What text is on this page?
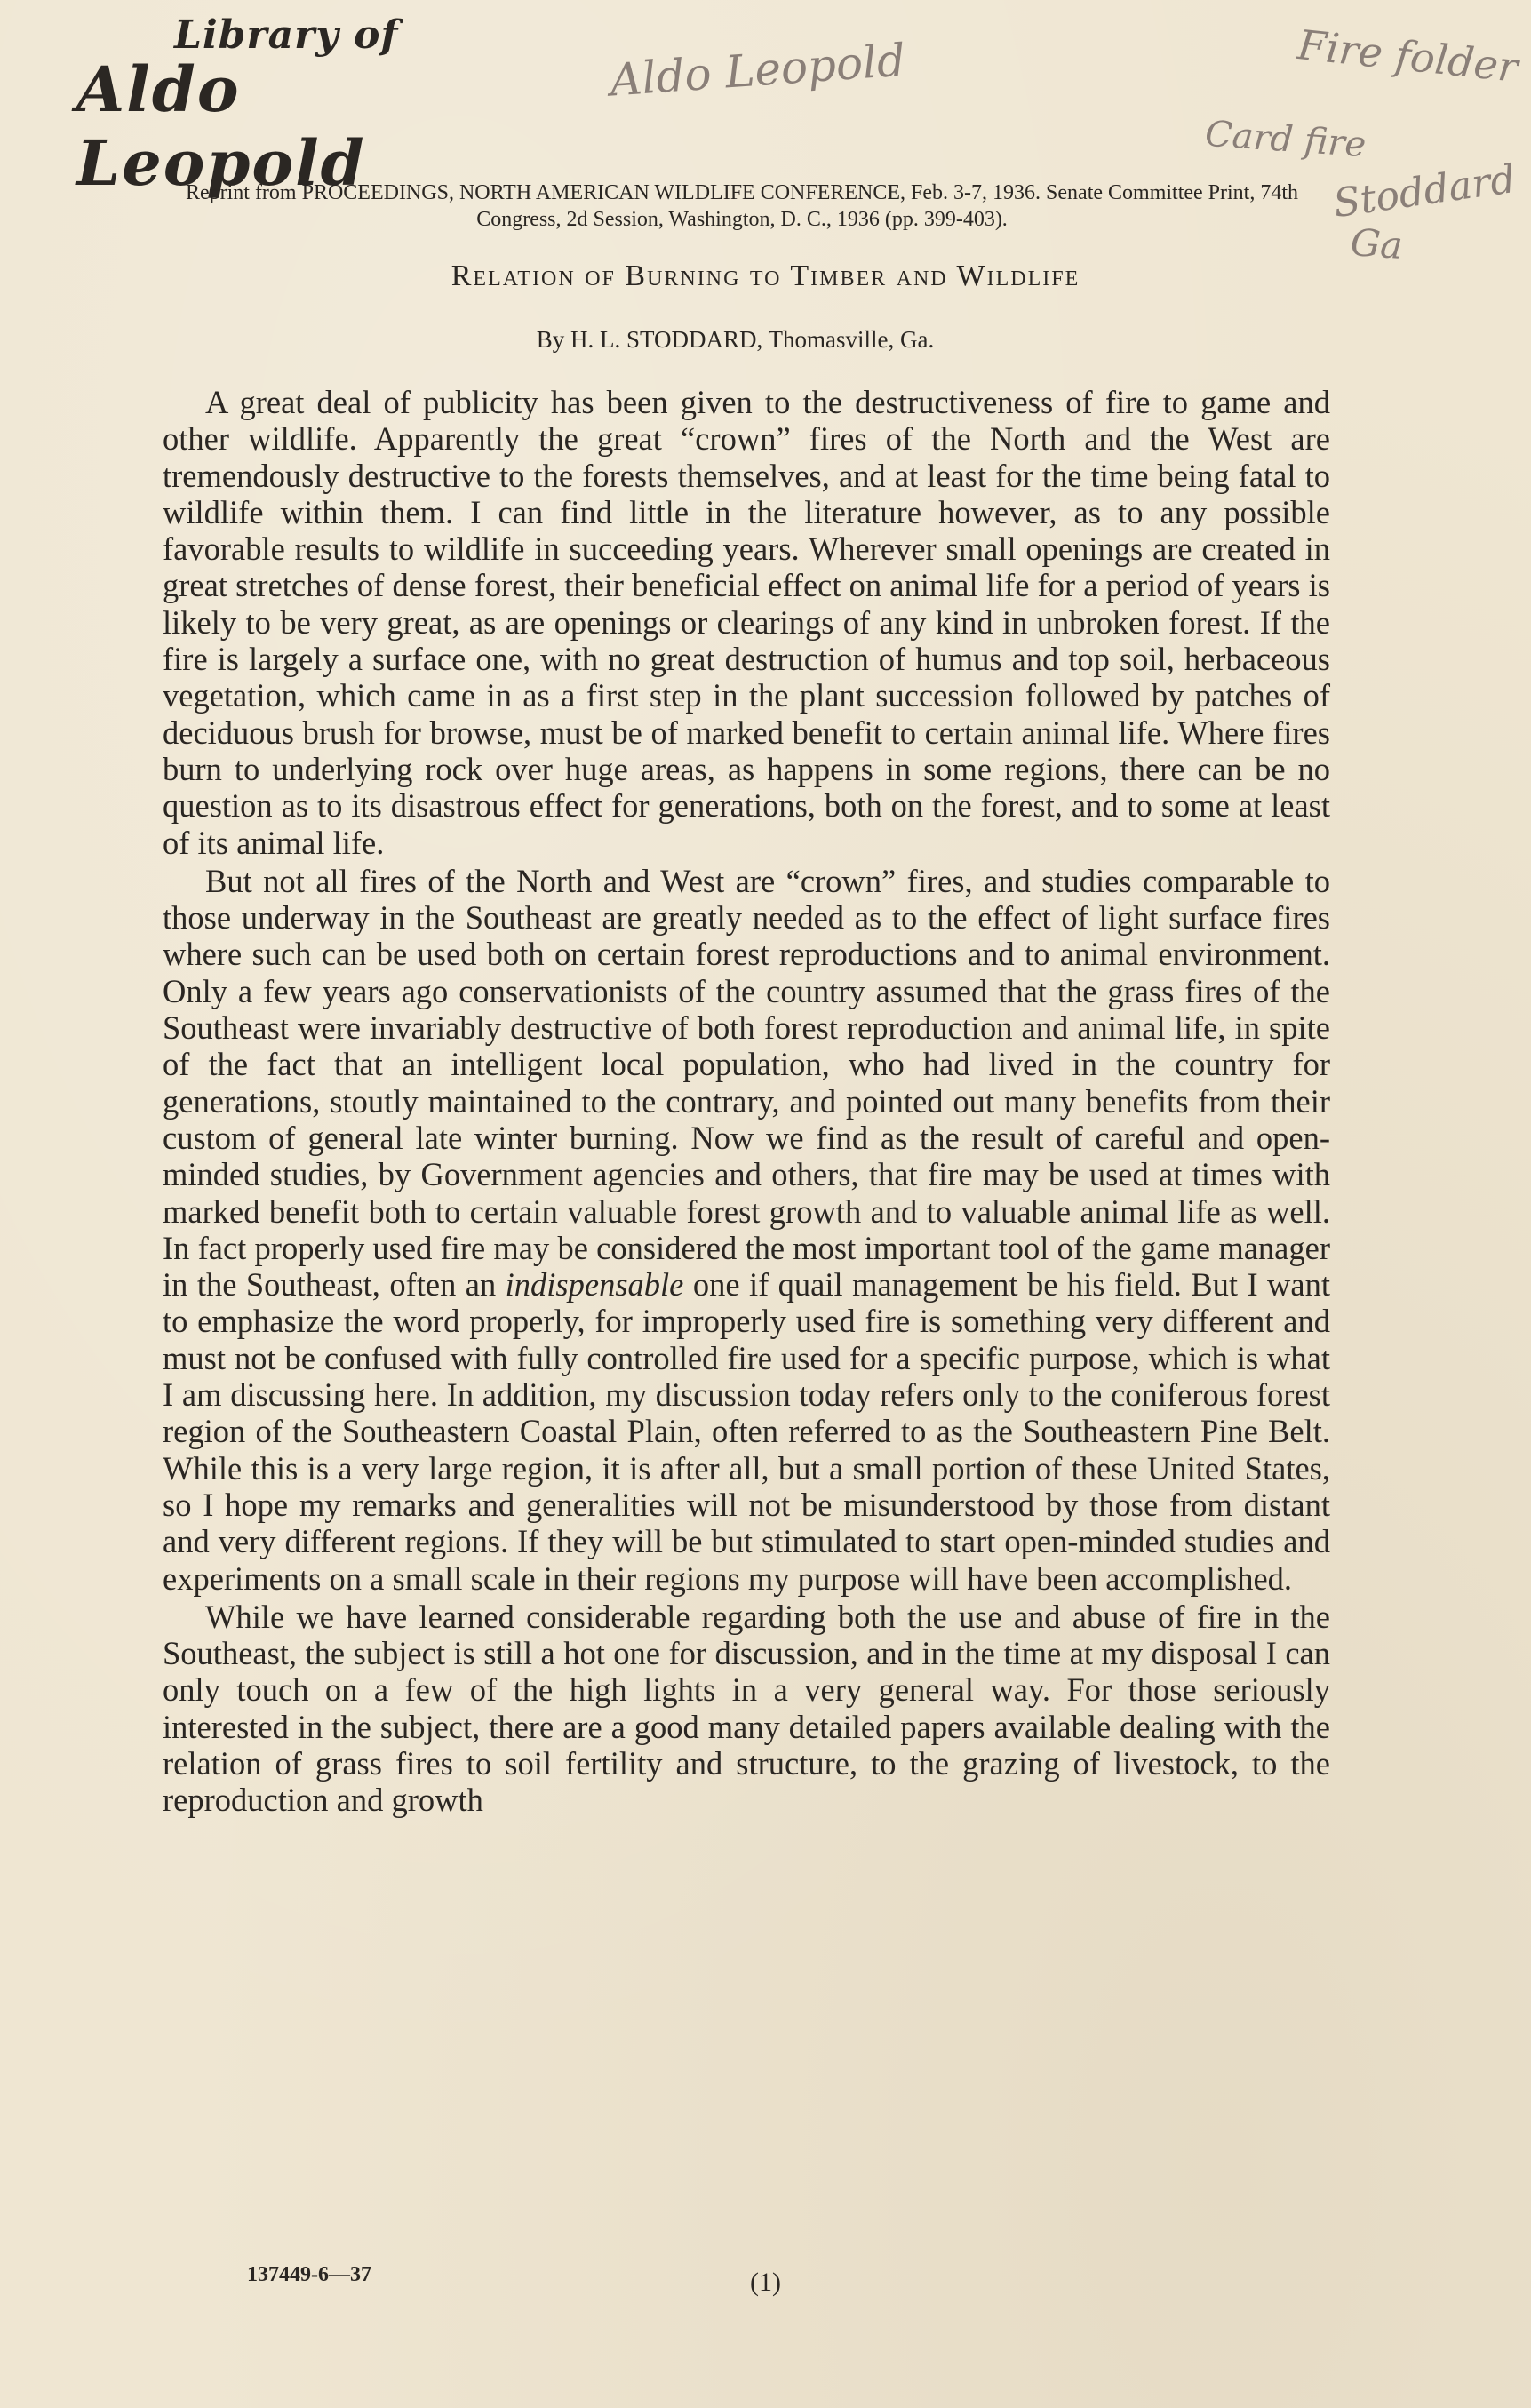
Library of
Aldo Leopold
Aldo Leopold	Fire folder
Card fire
Stoddard
Ga
Reprint from PROCEEDINGS, NORTH AMERICAN WILDLIFE CONFERENCE, Feb. 3-7, 1936. Senate Committee Print, 74th Congress, 2d Session, Washington, D. C., 1936 (pp. 399-403).
Relation of Burning to Timber and Wildlife
By H. L. STODDARD, Thomasville, Ga.

A great deal of publicity has been given to the destructiveness of fire to game and other wildlife. Apparently the great “crown” fires of the North and the West are tremendously destructive to the forests themselves, and at least for the time being fatal to wildlife within them. I can find little in the literature however, as to any possible favorable results to wildlife in succeeding years. Wherever small openings are created in great stretches of dense forest, their beneficial effect on animal life for a period of years is likely to be very great, as are openings or clearings of any kind in unbroken forest. If the fire is largely a surface one, with no great destruction of humus and top soil, herbaceous vegetation, which came in as a first step in the plant succession followed by patches of deciduous brush for browse, must be of marked benefit to certain animal life. Where fires burn to underlying rock over huge areas, as happens in some regions, there can be no question as to its disastrous effect for generations, both on the forest, and to some at least of its animal life.

But not all fires of the North and West are “crown” fires, and studies comparable to those underway in the Southeast are greatly needed as to the effect of light surface fires where such can be used both on certain forest reproductions and to animal environment. Only a few years ago conservationists of the country assumed that the grass fires of the Southeast were invariably destructive of both forest reproduction and animal life, in spite of the fact that an intelligent local population, who had lived in the country for generations, stoutly maintained to the contrary, and pointed out many benefits from their custom of general late winter burning. Now we find as the result of careful and open-minded studies, by Government agencies and others, that fire may be used at times with marked benefit both to certain valuable forest growth and to valuable animal life as well. In fact properly used fire may be considered the most important tool of the game manager in the Southeast, often an indispensable one if quail management be his field. But I want to emphasize the word properly, for improperly used fire is something very different and must not be confused with fully controlled fire used for a specific purpose, which is what I am discussing here. In addition, my discussion today refers only to the coniferous forest region of the Southeastern Coastal Plain, often referred to as the Southeastern Pine Belt. While this is a very large region, it is after all, but a small portion of these United States, so I hope my remarks and generalities will not be misunderstood by those from distant and very different regions. If they will be but stimulated to start open-minded studies and experiments on a small scale in their regions my purpose will have been accomplished.

While we have learned considerable regarding both the use and abuse of fire in the Southeast, the subject is still a hot one for discussion, and in the time at my disposal I can only touch on a few of the high lights in a very general way. For those seriously interested in the subject, there are a good many detailed papers available dealing with the relation of grass fires to soil fertility and structure, to the grazing of livestock, to the reproduction and growth

137449-6—37	(1)
